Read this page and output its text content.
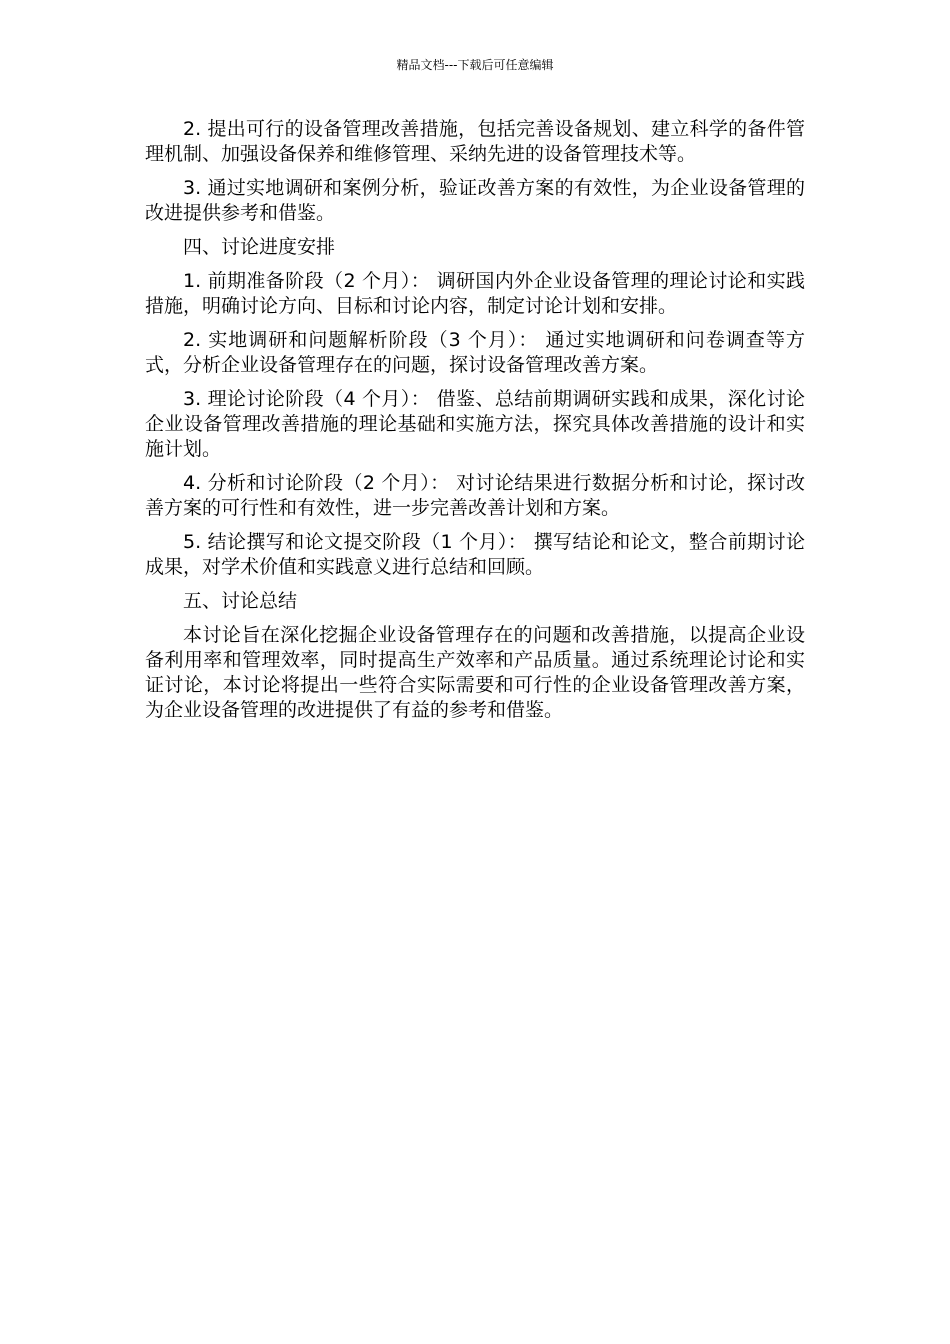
精品文档---下载后可任意编辑

2. 提出可行的设备管理改善措施，包括完善设备规划、建立科学的备件管理机制、加强设备保养和维修管理、采纳先进的设备管理技术等。

3. 通过实地调研和案例分析，验证改善方案的有效性，为企业设备管理的改进提供参考和借鉴。

四、讨论进度安排

1. 前期准备阶段（2 个月）： 调研国内外企业设备管理的理论讨论和实践措施，明确讨论方向、目标和讨论内容，制定讨论计划和安排。

2. 实地调研和问题解析阶段（3 个月）： 通过实地调研和问卷调查等方式，分析企业设备管理存在的问题，探讨设备管理改善方案。

3. 理论讨论阶段（4 个月）： 借鉴、总结前期调研实践和成果，深化讨论企业设备管理改善措施的理论基础和实施方法，探究具体改善措施的设计和实施计划。

4. 分析和讨论阶段（2 个月）： 对讨论结果进行数据分析和讨论，探讨改善方案的可行性和有效性，进一步完善改善计划和方案。

5. 结论撰写和论文提交阶段（1 个月）： 撰写结论和论文，整合前期讨论成果，对学术价值和实践意义进行总结和回顾。

五、讨论总结

本讨论旨在深化挖掘企业设备管理存在的问题和改善措施，以提高企业设备利用率和管理效率，同时提高生产效率和产品质量。通过系统理论讨论和实证讨论，本讨论将提出一些符合实际需要和可行性的企业设备管理改善方案，为企业设备管理的改进提供了有益的参考和借鉴。
